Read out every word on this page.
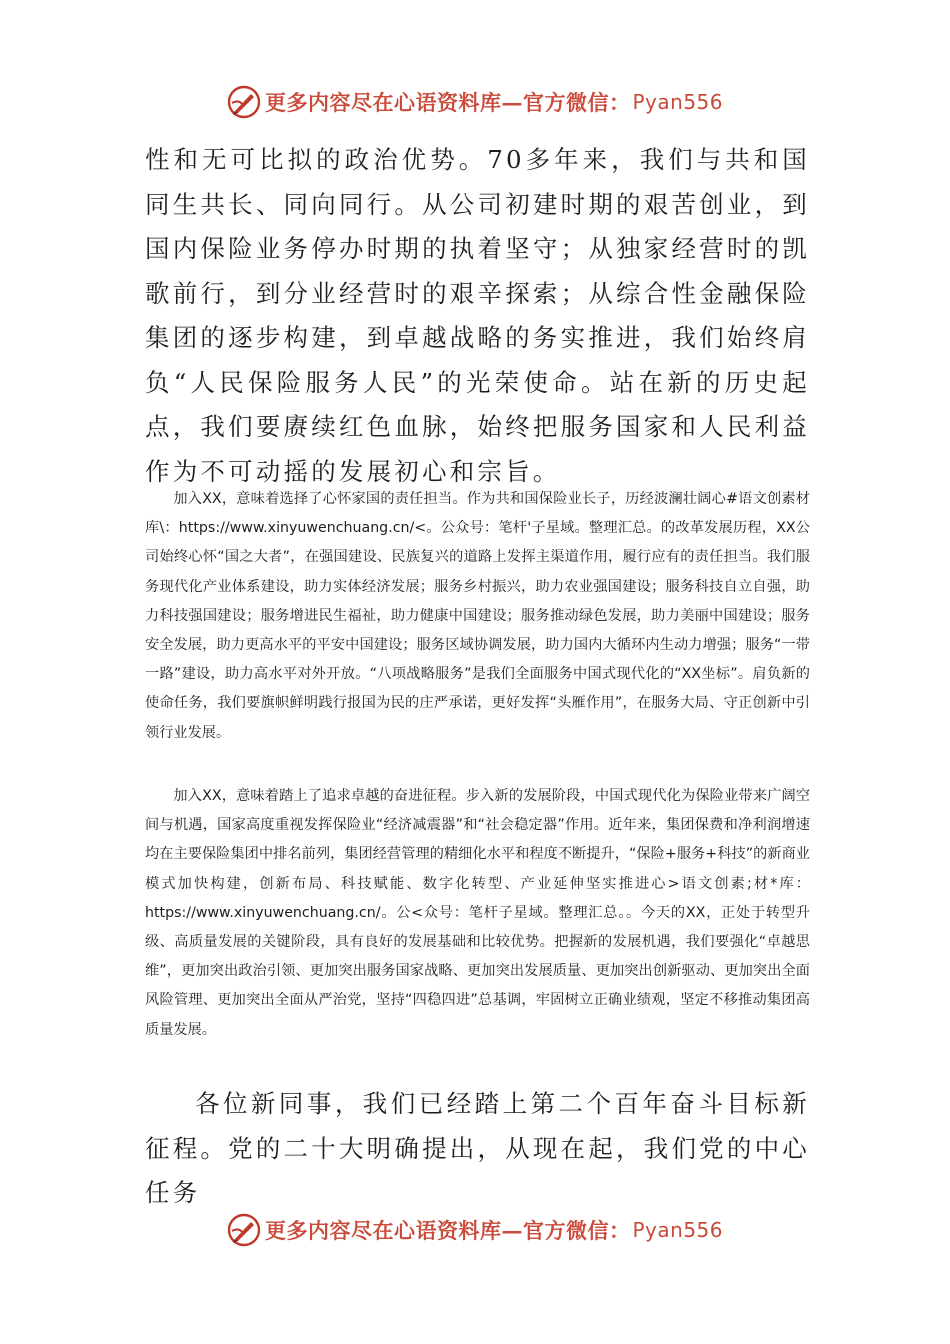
更多内容尽在心语资料库—官方微信： Pyan556

性和无可比拟的政治优势。70多年来，我们与共和国同生共长、同向同行。从公司初建时期的艰苦创业，到国内保险业务停办时期的执着坚守；从独家经营时的凯歌前行，到分业经营时的艰辛探索；从综合性金融保险集团的逐步构建，到卓越战略的务实推进，我们始终肩负“人民保险服务人民”的光荣使命。站在新的历史起点，我们要赓续红色血脉，始终把服务国家和人民利益作为不可动摇的发展初心和宗旨。

加入XX，意味着选择了心怀家国的责任担当。作为共和国保险业长子，历经波澜壮阔心#语文创素材库\：https://www.xinyuwenchuang.cn/<。公众号：笔杆'子星域。整理汇总。的改革发展历程，XX公司始终心怀“国之大者”，在强国建设、民族复兴的道路上发挥主渠道作用，履行应有的责任担当。我们服务现代化产业体系建设，助力实体经济发展；服务乡村振兴，助力农业强国建设；服务科技自立自强，助力科技强国建设；服务增进民生福祉，助力健康中国建设；服务推动绿色发展，助力美丽中国建设；服务安全发展，助力更高水平的平安中国建设；服务区域协调发展，助力国内大循环内生动力增强；服务“一带一路”建设，助力高水平对外开放。“八项战略服务”是我们全面服务中国式现代化的“XX坐标”。肩负新的使命任务，我们要旗帜鲜明践行报国为民的庄严承诺，更好发挥“头雁作用”，在服务大局、守正创新中引领行业发展。

加入XX，意味着踏上了追求卓越的奋进征程。步入新的发展阶段，中国式现代化为保险业带来广阔空间与机遇，国家高度重视发挥保险业“经济减震器”和“社会稳定器”作用。近年来，集团保费和净利润增速均在主要保险集团中排名前列，集团经营管理的精细化水平和程度不断提升，“保险+服务+科技”的新商业模式加快构建，创新布局、科技赋能、数字化转型、产业延伸坚实推进心>语文创素;材*库：https://www.xinyuwenchuang.cn/。公<众号：笔杆子星域。整理汇总。。今天的XX，正处于转型升级、高质量发展的关键阶段，具有良好的发展基础和比较优势。把握新的发展机遇，我们要强化“卓越思维”，更加突出政治引领、更加突出服务国家战略、更加突出发展质量、更加突出创新驱动、更加突出全面风险管理、更加突出全面从严治党，坚持“四稳四进”总基调，牢固树立正确业绩观，坚定不移推动集团高质量发展。

各位新同事，我们已经踏上第二个百年奋斗目标新征程。党的二十大明确提出，从现在起，我们党的中心任务

更多内容尽在心语资料库—官方微信： Pyan556
